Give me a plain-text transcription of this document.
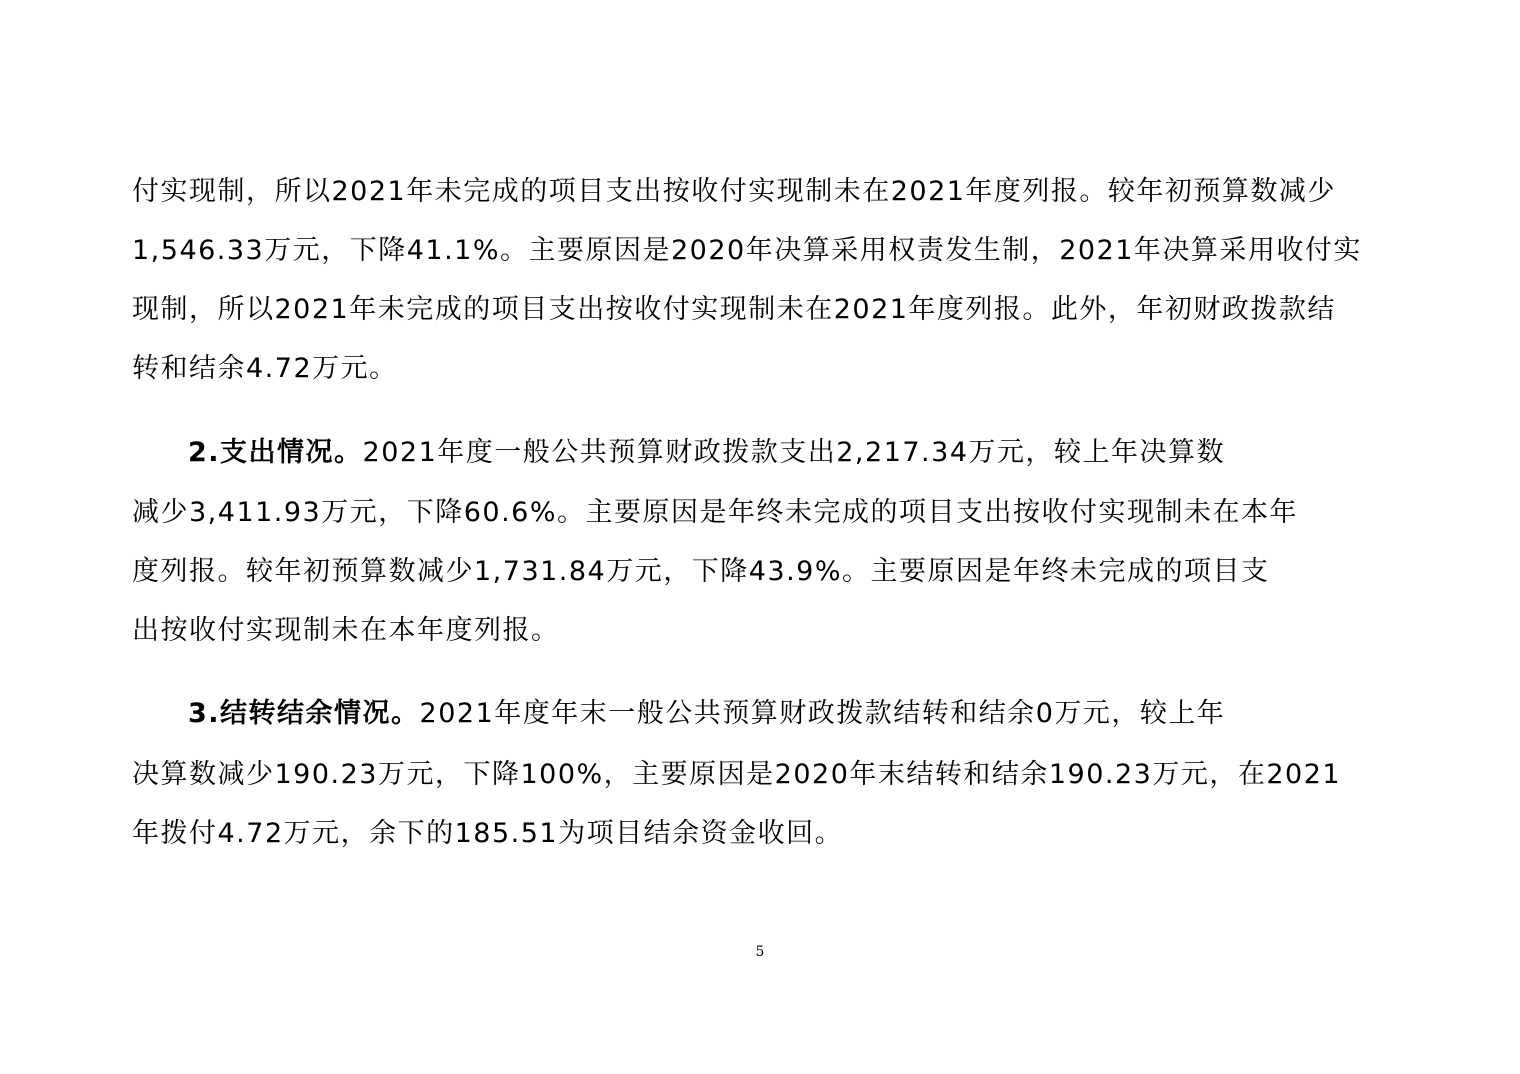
付实现制，所以2021年未完成的项目支出按收付实现制未在2021年度列报。较年初预算数减少
1,546.33万元，下降41.1%。主要原因是2020年决算采用权责发生制，2021年决算采用收付实
现制，所以2021年未完成的项目支出按收付实现制未在2021年度列报。此外，年初财政拨款结
转和结余4.72万元。
2.支出情况。2021年度一般公共预算财政拨款支出2,217.34万元，较上年决算数
减少3,411.93万元，下降60.6%。主要原因是年终未完成的项目支出按收付实现制未在本年
度列报。较年初预算数减少1,731.84万元，下降43.9%。主要原因是年终未完成的项目支
出按收付实现制未在本年度列报。
3.结转结余情况。2021年度年末一般公共预算财政拨款结转和结余0万元，较上年
决算数减少190.23万元，下降100%，主要原因是2020年末结转和结余190.23万元，在2021
年拨付4.72万元，余下的185.51为项目结余资金收回。
5
